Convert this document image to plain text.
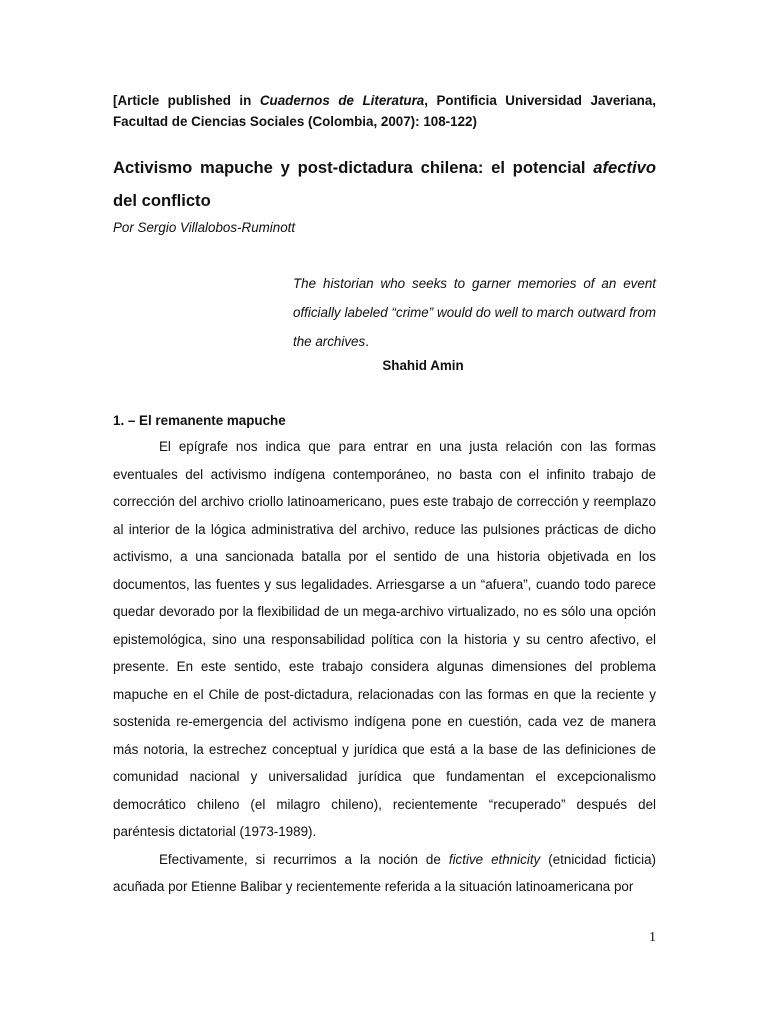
[Article published in Cuadernos de Literatura, Pontificia Universidad Javeriana, Facultad de Ciencias Sociales (Colombia, 2007): 108-122)
Activismo mapuche y post-dictadura chilena: el potencial afectivo del conflicto
Por Sergio Villalobos-Ruminott
The historian who seeks to garner memories of an event officially labeled “crime” would do well to march outward from the archives.
Shahid Amin
1. – El remanente mapuche

El epígrafe nos indica que para entrar en una justa relación con las formas eventuales del activismo indígena contemporáneo, no basta con el infinito trabajo de corrección del archivo criollo latinoamericano, pues este trabajo de corrección y reemplazo al interior de la lógica administrativa del archivo, reduce las pulsiones prácticas de dicho activismo, a una sancionada batalla por el sentido de una historia objetivada en los documentos, las fuentes y sus legalidades. Arriesgarse a un “afuera”, cuando todo parece quedar devorado por la flexibilidad de un mega-archivo virtualizado, no es sólo una opción epistemológica, sino una responsabilidad política con la historia y su centro afectivo, el presente. En este sentido, este trabajo considera algunas dimensiones del problema mapuche en el Chile de post-dictadura, relacionadas con las formas en que la reciente y sostenida re-emergencia del activismo indígena pone en cuestión, cada vez de manera más notoria, la estrechez conceptual y jurídica que está a la base de las definiciones de comunidad nacional y universalidad jurídica que fundamentan el excepcionalismo democrático chileno (el milagro chileno), recientemente “recuperado” después del paréntesis dictatorial (1973-1989).

Efectivamente, si recurrimos a la noción de fictive ethnicity (etnicidad ficticia) acuñada por Etienne Balibar y recientemente referida a la situación latinoamericana por

1
